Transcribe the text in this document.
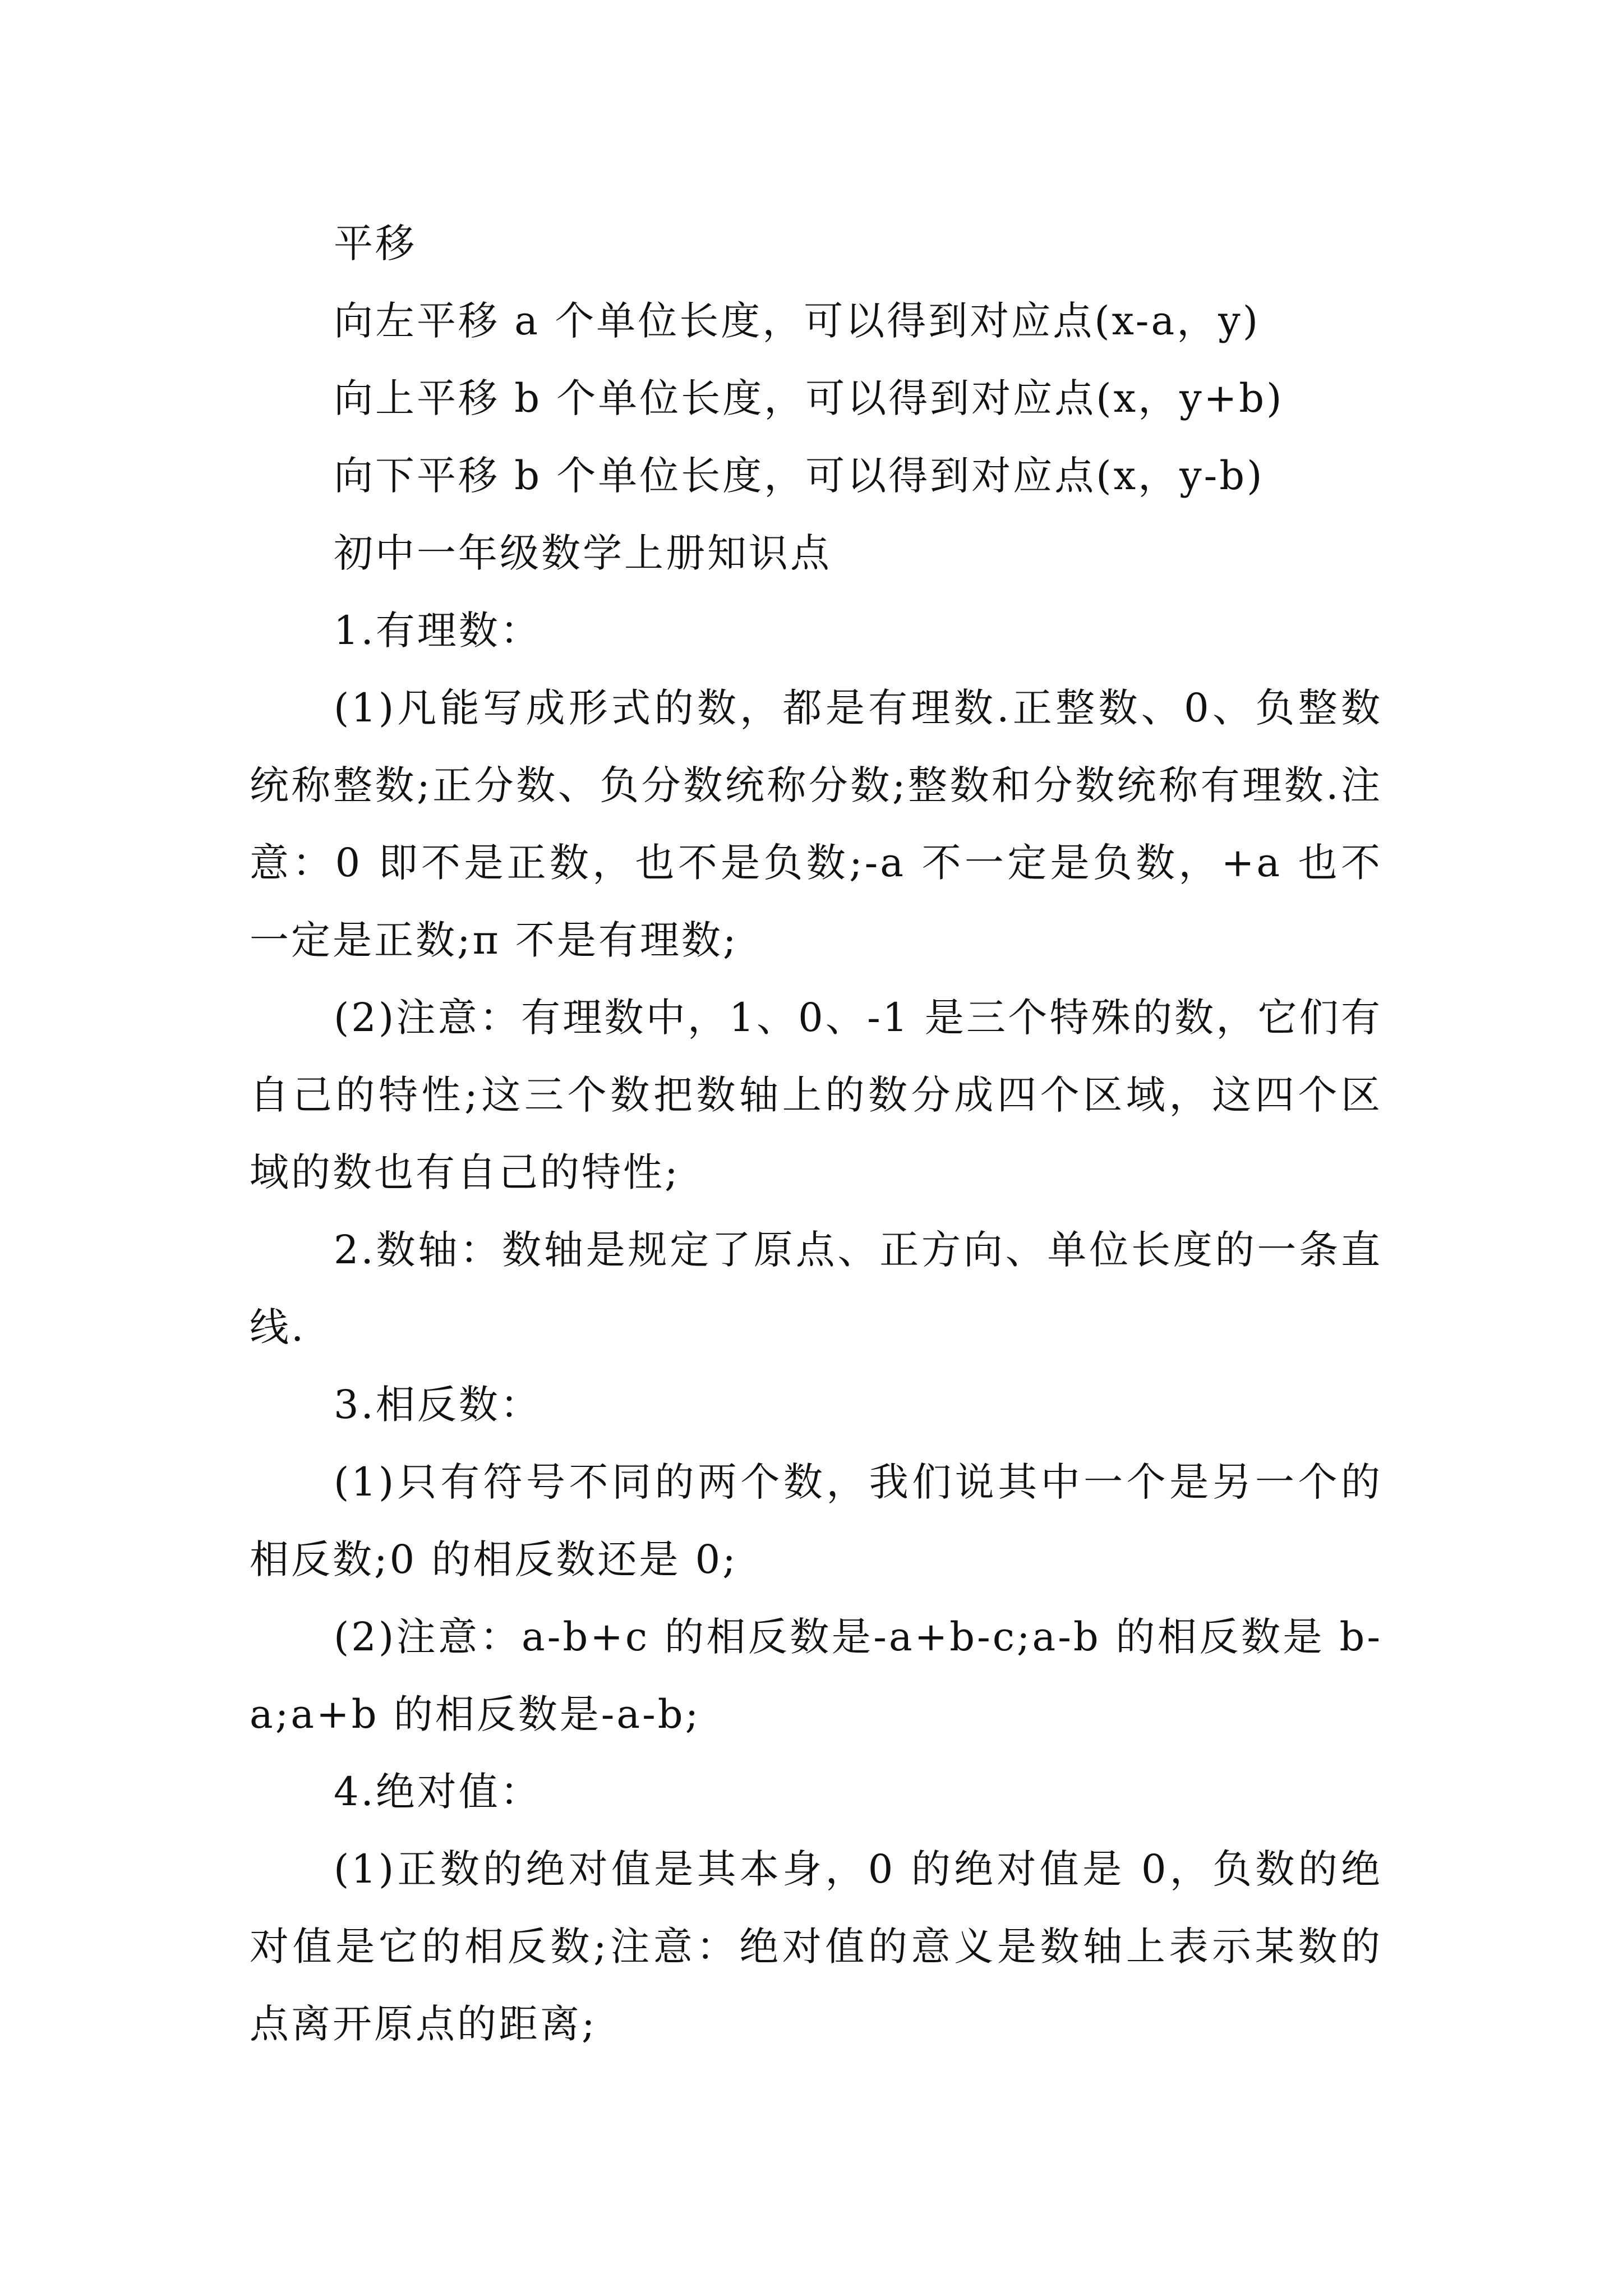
平移

向左平移 a 个单位长度，可以得到对应点(x-a，y)

向上平移 b 个单位长度，可以得到对应点(x，y+b)

向下平移 b 个单位长度，可以得到对应点(x，y-b)

初中一年级数学上册知识点

1.有理数：

(1)凡能写成形式的数，都是有理数.正整数、0、负整数统称整数;正分数、负分数统称分数;整数和分数统称有理数.注意：0 即不是正数，也不是负数;-a 不一定是负数，+a 也不一定是正数;π 不是有理数;

(2)注意：有理数中，1、0、-1 是三个特殊的数，它们有自己的特性;这三个数把数轴上的数分成四个区域，这四个区域的数也有自己的特性;

2.数轴：数轴是规定了原点、正方向、单位长度的一条直线.

3.相反数：

(1)只有符号不同的两个数，我们说其中一个是另一个的相反数;0 的相反数还是 0;

(2)注意：a-b+c 的相反数是-a+b-c;a-b 的相反数是 b-a;a+b 的相反数是-a-b;

4.绝对值：

(1)正数的绝对值是其本身，0 的绝对值是 0，负数的绝对值是它的相反数;注意：绝对值的意义是数轴上表示某数的点离开原点的距离;
